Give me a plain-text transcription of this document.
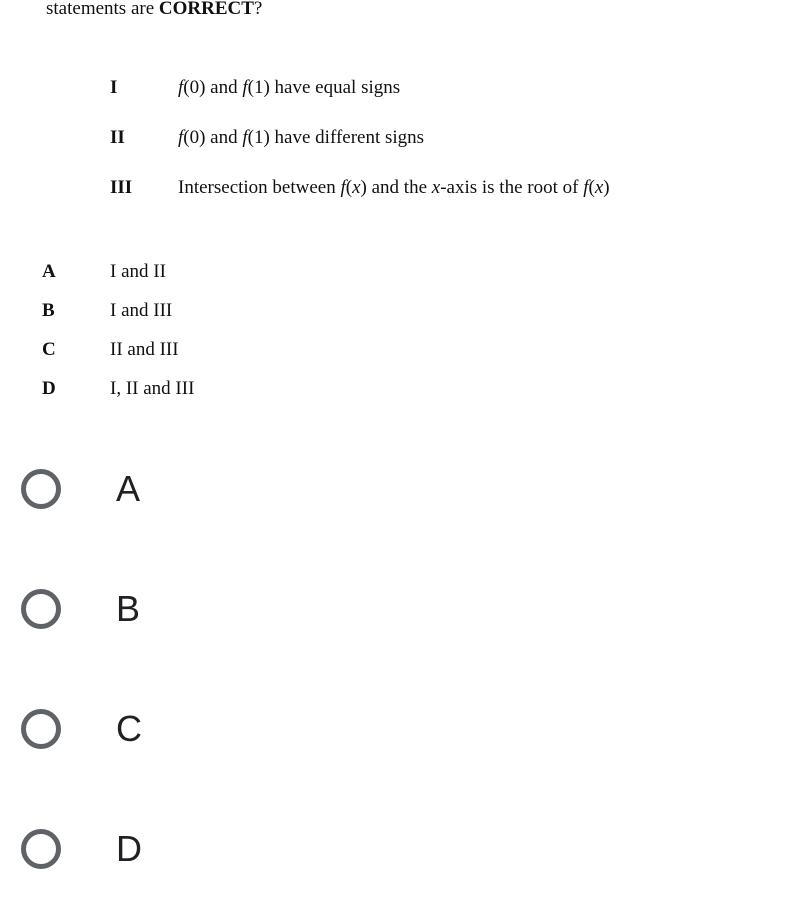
statements are CORRECT?
I	f(0) and f(1) have equal signs
II	f(0) and f(1) have different signs
III Intersection between f(x) and the x-axis is the root of f(x)
A	I and II
B	I and III
C	II and III
D	I, II and III
A
B
C
D
